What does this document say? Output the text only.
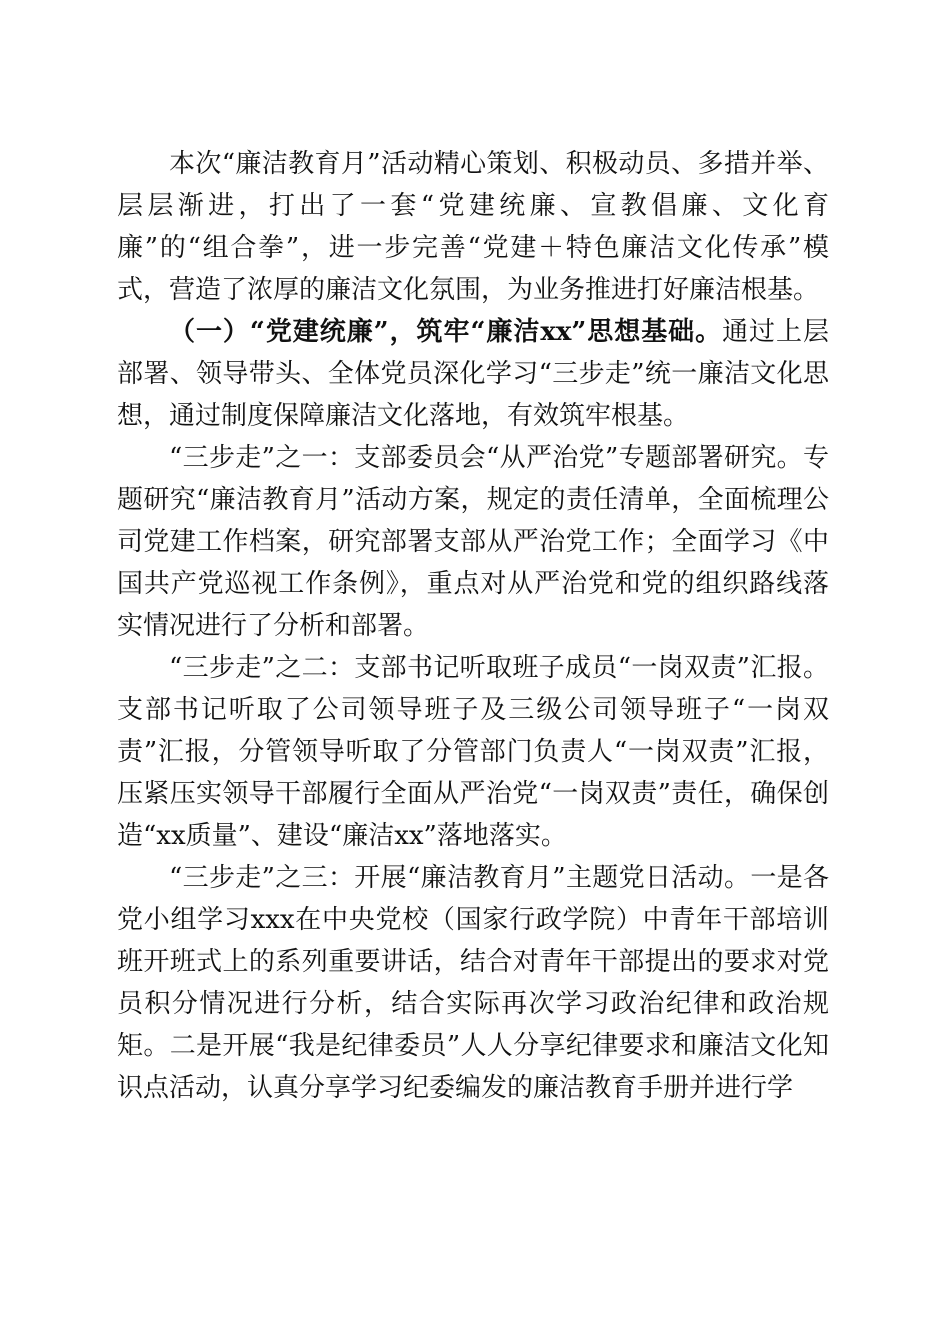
本次“廉洁教育月”活动精心策划、积极动员、多措并举、层层渐进，打出了一套“党建统廉、宣教倡廉、文化育廉”的“组合拳”，进一步完善“党建＋特色廉洁文化传承”模式，营造了浓厚的廉洁文化氛围，为业务推进打好廉洁根基。

（一）“党建统廉”，筑牢“廉洁xx”思想基础。通过上层部署、领导带头、全体党员深化学习“三步走”统一廉洁文化思想，通过制度保障廉洁文化落地，有效筑牢根基。

“三步走”之一：支部委员会“从严治党”专题部署研究。专题研究“廉洁教育月”活动方案，规定的责任清单，全面梳理公司党建工作档案，研究部署支部从严治党工作；全面学习《中国共产党巡视工作条例》，重点对从严治党和党的组织路线落实情况进行了分析和部署。

“三步走”之二：支部书记听取班子成员“一岗双责”汇报。支部书记听取了公司领导班子及三级公司领导班子“一岗双责”汇报，分管领导听取了分管部门负责人“一岗双责”汇报，压紧压实领导干部履行全面从严治党“一岗双责”责任，确保创造“xx质量”、建设“廉洁xx”落地落实。

“三步走”之三：开展“廉洁教育月”主题党日活动。一是各党小组学习xxx在中央党校（国家行政学院）中青年干部培训班开班式上的系列重要讲话，结合对青年干部提出的要求对党员积分情况进行分析，结合实际再次学习政治纪律和政治规矩。二是开展“我是纪律委员”人人分享纪律要求和廉洁文化知识点活动，认真分享学习纪委编发的廉洁教育手册并进行学
